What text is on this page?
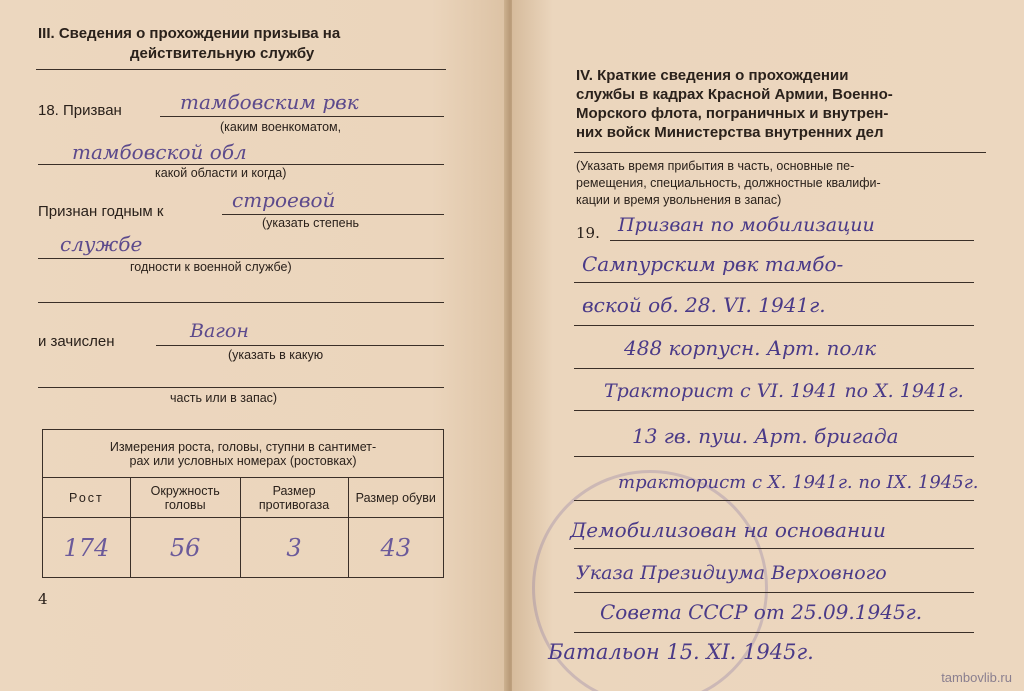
III. Сведения о прохождении призыва на
действительную службу
18. Призван	тамбовским рвк
(каким военкоматом,
тамбовской обл
какой области и когда)
Признан годным к	строевой
(указать степень
службе
годности к военной службе)
и зачислен	Вагон
(указать в какую
часть или в запас)
Измерения роста, головы, ступни в сантимет-
рах или условных номерах (ростовках)			

Рост	Окружность головы	Размер противогаза	Размер обуви
174	56	3	43
4
IV. Краткие сведения о прохождении
службы в кадрах Красной Армии, Военно-
Морского флота, пограничных и внутрен-
них войск Министерства внутренних дел
(Указать время прибытия в часть, основные пе-
ремещения, специальность, должностные квалифи-
кации и время увольнения в запас)
19. Призван по мобилизации
Сампурским рвк тамбо-
вской об. 28. VI. 1941г.
488 корпусн. Арт. полк
Тракторист с VI. 1941 по X. 1941г.
13 гв. пуш. Арт. бригада
тракторист с X. 1941г. по IX. 1945г.
Демобилизован на основании
Указа Президиума Верховного
Совета СССР от 25.09.1945г.
Батальон 15. XI. 1945г.
tambovlib.ru
